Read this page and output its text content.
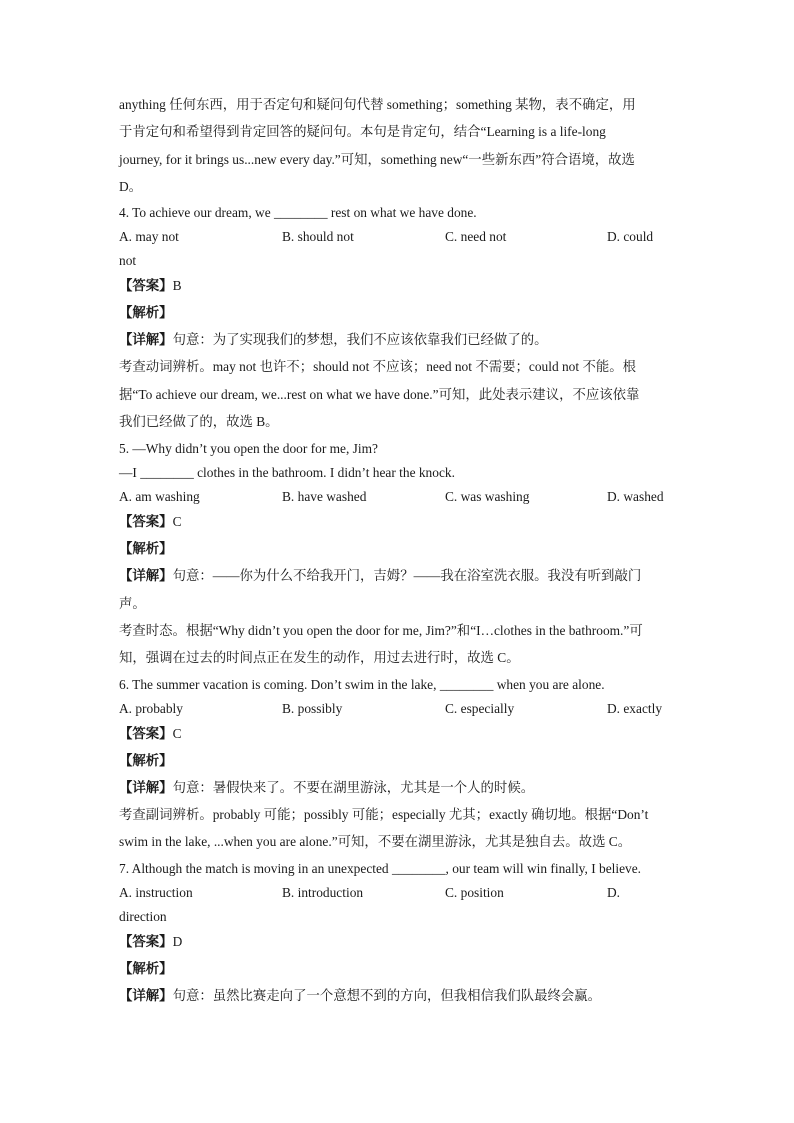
anything 任何东西，用于否定句和疑问句代替 something；something 某物，表不确定，用
于肯定句和希望得到肯定回答的疑问句。本句是肯定句，结合“Learning is a life-long
journey, for it brings us...new every day.”可知，something new“一些新东西”符合语境，故选
D。
4. To achieve our dream, we ________ rest on what we have done.
A. may not	B. should not	C. need not	D. could
not
【答案】B
【解析】
【详解】句意：为了实现我们的梦想，我们不应该依靠我们已经做了的。
考查动词辨析。may not 也许不；should not 不应该；need not 不需要；could not 不能。根
据“To achieve our dream, we...rest on what we have done.”可知，此处表示建议，不应该依靠
我们已经做了的，故选 B。
5. —Why didn’t you open the door for me, Jim?
—I ________ clothes in the bathroom. I didn’t hear the knock.
A. am washing	B. have washed	C. was washing	D. washed
【答案】C
【解析】
【详解】句意：——你为什么不给我开门，吉姆？——我在浴室洗衣服。我没有听到敲门
声。
考查时态。根据“Why didn’t you open the door for me, Jim?”和“I…clothes in the bathroom.”可
知，强调在过去的时间点正在发生的动作，用过去进行时，故选 C。
6. The summer vacation is coming. Don’t swim in the lake, ________ when you are alone.
A. probably	B. possibly	C. especially	D. exactly
【答案】C
【解析】
【详解】句意：暑假快来了。不要在湖里游泳，尤其是一个人的时候。
考查副词辨析。probably 可能；possibly 可能；especially 尤其；exactly 确切地。根据“Don’t
swim in the lake, ...when you are alone.”可知，不要在湖里游泳，尤其是独自去。故选 C。
7. Although the match is moving in an unexpected ________, our team will win finally, I believe.
A. instruction	B. introduction	C. position	D.
direction
【答案】D
【解析】
【详解】句意：虽然比赛走向了一个意想不到的方向，但我相信我们队最终会赢。
